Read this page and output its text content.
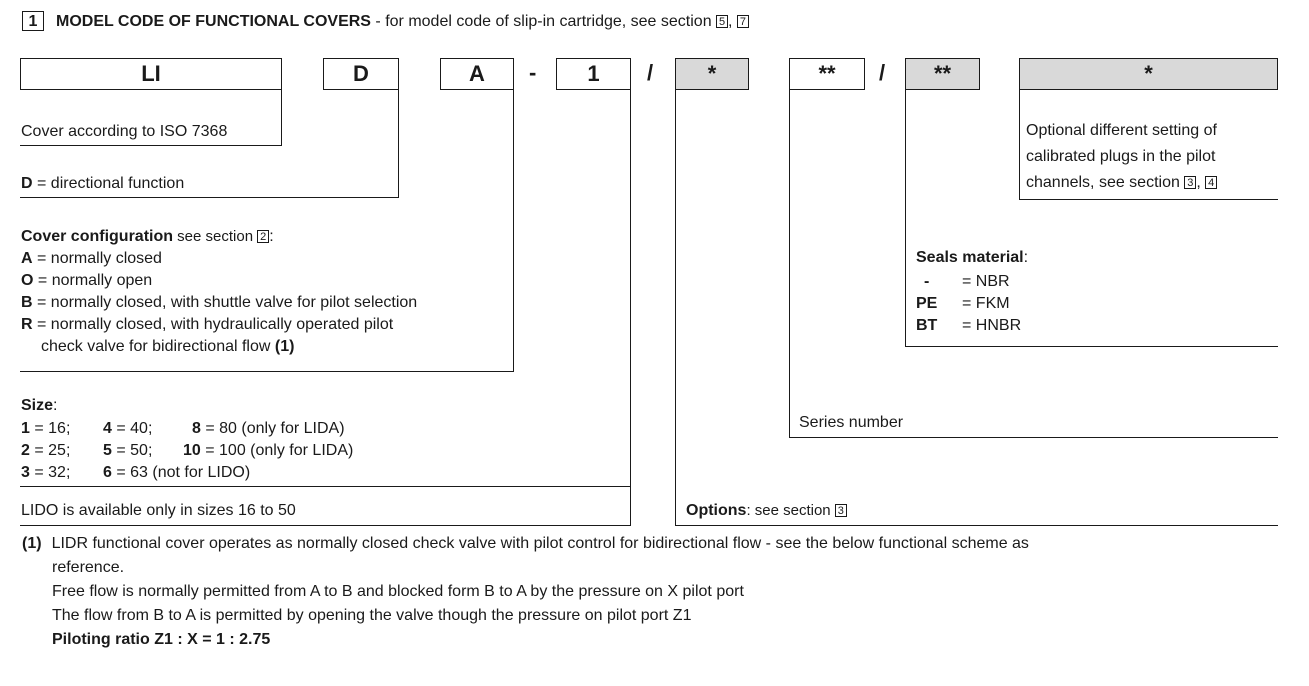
1 MODEL CODE OF FUNCTIONAL COVERS - for model code of slip-in cartridge, see section 5 , 7
LI	D	A	-	1	/	*	**	/	**	*
Cover according to ISO 7368
D = directional function
Cover configuration see section 2 :
A = normally closed
O = normally open
B = normally closed, with shuttle valve for pilot selection
R = normally closed, with hydraulically operated pilot
check valve for bidirectional flow (1)
Size:
1 = 16; 4 = 40; 8 = 80 (only for LIDA)
2 = 25; 5 = 50; 10 = 100 (only for LIDA)
3 = 32; 6 = 63 (not for LIDO)
LIDO is available only in sizes 16 to 50	Options: see section 3
Series number
Seals material:
- = NBR
PE = FKM
BT = HNBR
Optional different setting of
calibrated plugs in the pilot
channels, see section 3 , 4
(1) LIDR functional cover operates as normally closed check valve with pilot control for bidirectional flow - see the below functional scheme as
reference.
Free flow is normally permitted from A to B and blocked form B to A by the pressure on X pilot port
The flow from B to A is permitted by opening the valve though the pressure on pilot port Z1
Piloting ratio Z1 : X = 1 : 2.75
